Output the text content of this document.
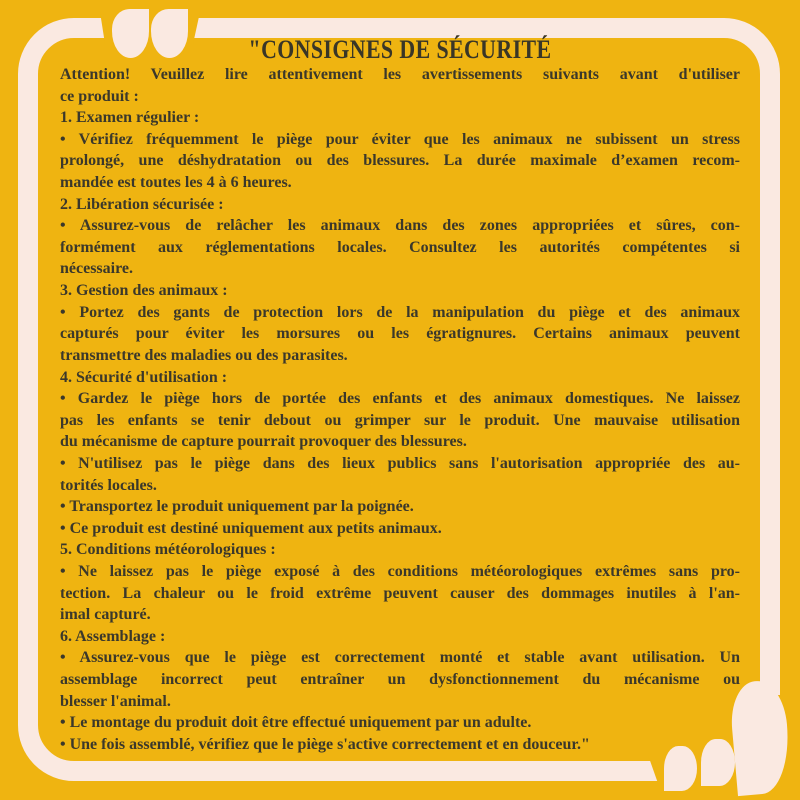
"CONSIGNES DE SÉCURITÉ
Attention! Veuillez lire attentivement les avertissements suivants avant d'utiliser
ce produit :
1. Examen régulier :
• Vérifiez fréquemment le piège pour éviter que les animaux ne subissent un stress
prolongé, une déshydratation ou des blessures. La durée maximale d’examen recom-
mandée est toutes les 4 à 6 heures.
2. Libération sécurisée :
• Assurez-vous de relâcher les animaux dans des zones appropriées et sûres, con-
formément aux réglementations locales. Consultez les autorités compétentes si
nécessaire.
3. Gestion des animaux :
• Portez des gants de protection lors de la manipulation du piège et des animaux
capturés pour éviter les morsures ou les égratignures. Certains animaux peuvent
transmettre des maladies ou des parasites.
4. Sécurité d'utilisation :
• Gardez le piège hors de portée des enfants et des animaux domestiques. Ne laissez
pas les enfants se tenir debout ou grimper sur le produit. Une mauvaise utilisation
du mécanisme de capture pourrait provoquer des blessures.
• N'utilisez pas le piège dans des lieux publics sans l'autorisation appropriée des au-
torités locales.
• Transportez le produit uniquement par la poignée.
• Ce produit est destiné uniquement aux petits animaux.
5. Conditions météorologiques :
• Ne laissez pas le piège exposé à des conditions météorologiques extrêmes sans pro-
tection. La chaleur ou le froid extrême peuvent causer des dommages inutiles à l'an-
imal capturé.
6. Assemblage :
• Assurez-vous que le piège est correctement monté et stable avant utilisation. Un
assemblage incorrect peut entraîner un dysfonctionnement du mécanisme ou
blesser l'animal.
• Le montage du produit doit être effectué uniquement par un adulte.
• Une fois assemblé, vérifiez que le piège s'active correctement et en douceur."
